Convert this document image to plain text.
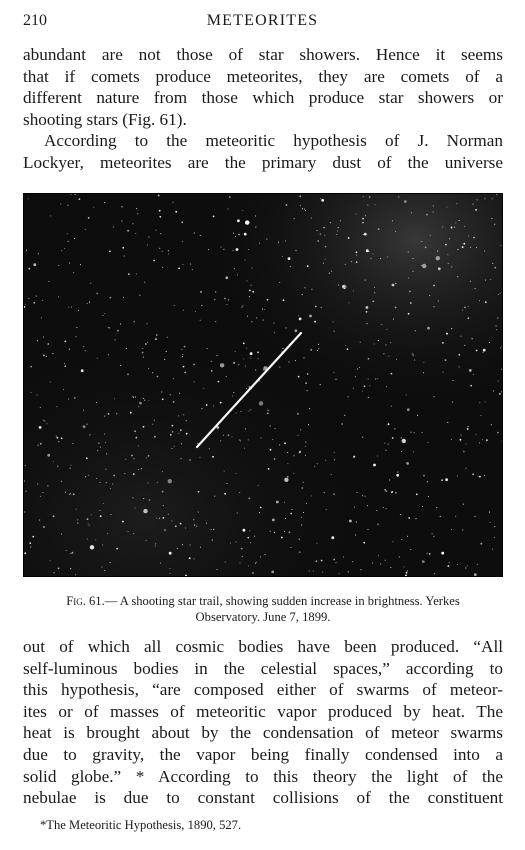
210	METEORITES
abundant are not those of star showers. Hence it seems
that if comets produce meteorites, they are comets of a
different nature from those which produce star showers or
shooting stars (Fig. 61).
According to the meteoritic hypothesis of J. Norman
Lockyer, meteorites are the primary dust of the universe
Fig. 61.— A shooting star trail, showing sudden increase in brightness. Yerkes
Observatory. June 7, 1899.
out of which all cosmic bodies have been produced. “All
self-luminous bodies in the celestial spaces,” according to
this hypothesis, “are composed either of swarms of meteor-
ites or of masses of meteoritic vapor produced by heat. The
heat is brought about by the condensation of meteor swarms
due to gravity, the vapor being finally condensed into a
solid globe.” * According to this theory the light of the
nebulae is due to constant collisions of the constituent
*The Meteoritic Hypothesis, 1890, 527.
